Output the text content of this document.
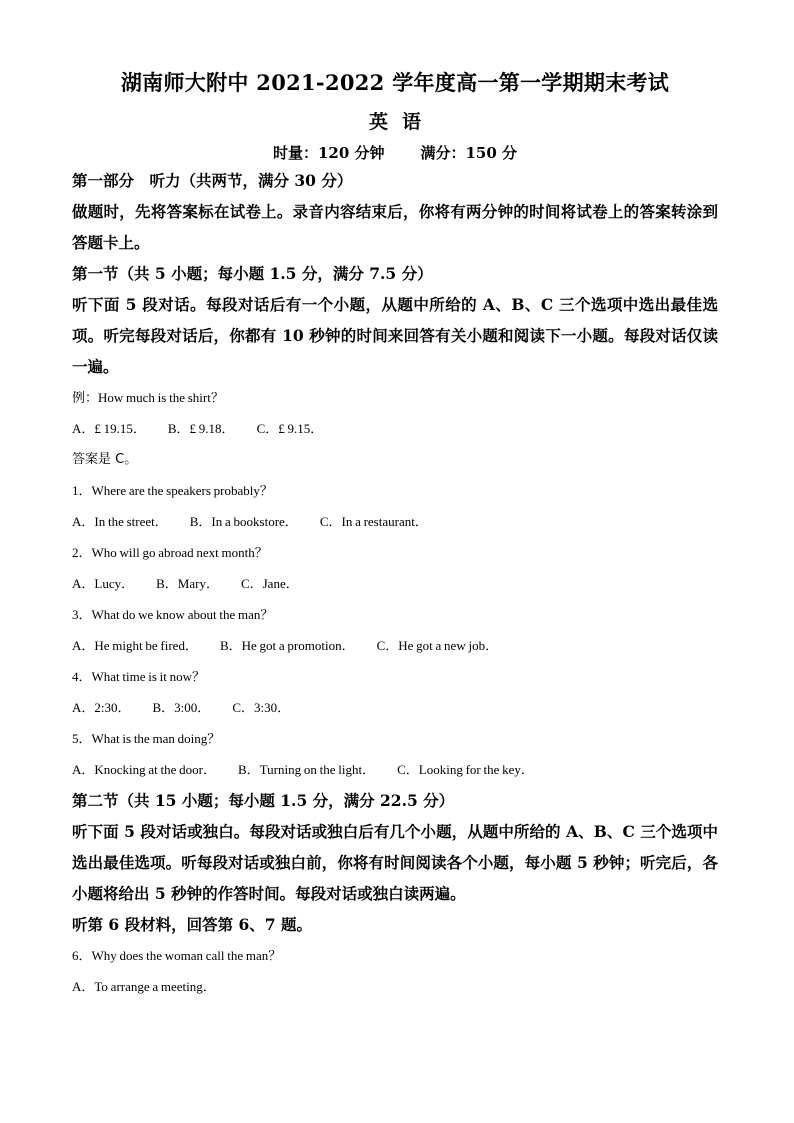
湖南师大附中 2021-2022 学年度高一第一学期期末考试
英语
时量：120 分钟 满分：150 分

第一部分　听力（共两节，满分 30 分）

做题时，先将答案标在试卷上。录音内容结束后，你将有两分钟的时间将试卷上的答案转涂到答题卡上。

第一节（共 5 小题；每小题 1.5 分，满分 7.5 分）

听下面 5 段对话。每段对话后有一个小题，从题中所给的 A、B、C 三个选项中选出最佳选项。听完每段对话后，你都有 10 秒钟的时间来回答有关小题和阅读下一小题。每段对话仅读一遍。

例：How much is the shirt？

A．£ 19.15． B．£ 9.18． C．£ 9.15．

答案是 C。

1．Where are the speakers probably？

A．In the street． B．In a bookstore． C．In a restaurant．

2．Who will go abroad next month？

A．Lucy． B．Mary． C．Jane．

3．What do we know about the man？

A．He might be fired． B．He got a promotion． C．He got a new job．

4．What time is it now？

A．2:30． B．3:00． C．3:30．

5．What is the man doing？

A．Knocking at the door． B．Turning on the light． C．Looking for the key．

第二节（共 15 小题；每小题 1.5 分，满分 22.5 分）

听下面 5 段对话或独白。每段对话或独白后有几个小题，从题中所给的 A、B、C 三个选项中选出最佳选项。听每段对话或独白前，你将有时间阅读各个小题，每小题 5 秒钟；听完后，各小题将给出 5 秒钟的作答时间。每段对话或独白读两遍。

听第 6 段材料，回答第 6、7 题。

6．Why does the woman call the man？

A．To arrange a meeting．
